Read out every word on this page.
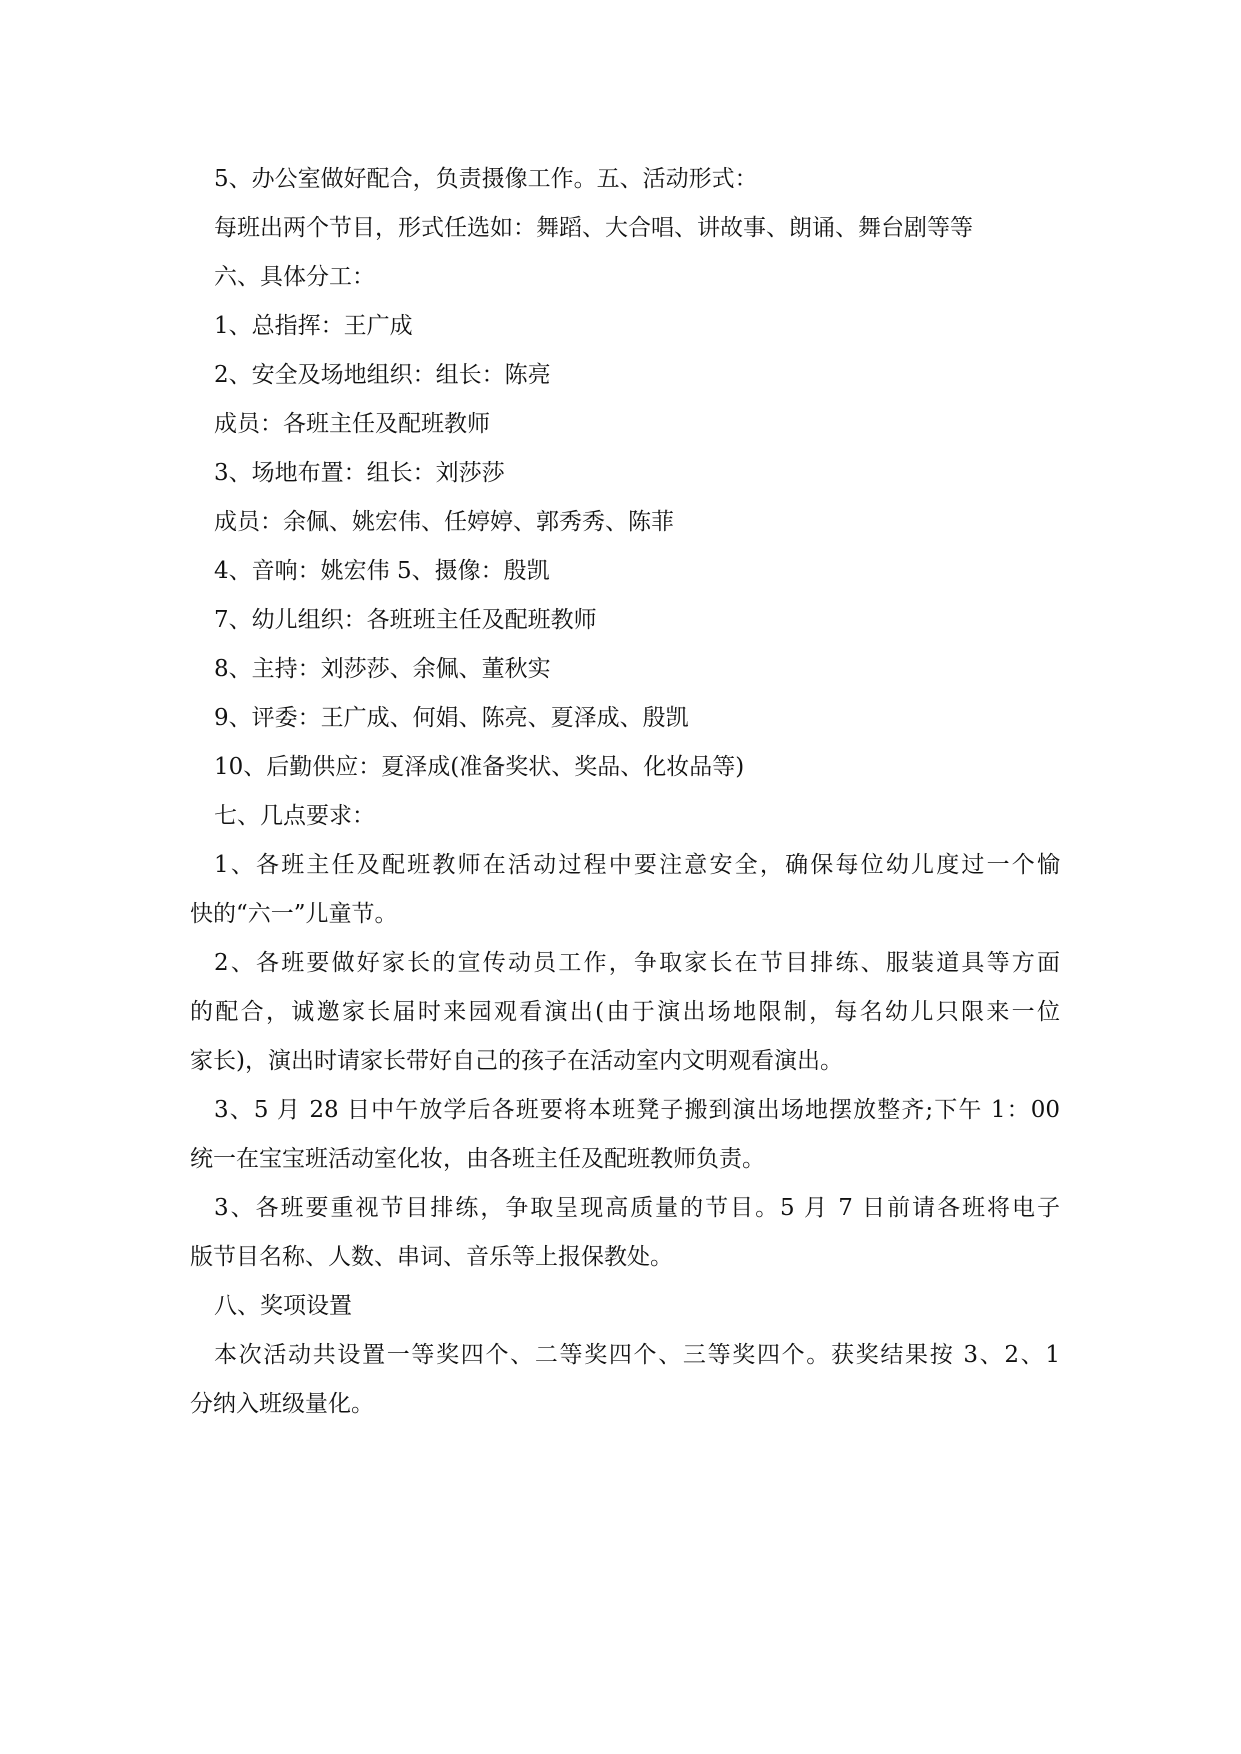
5、办公室做好配合，负责摄像工作。五、活动形式：
每班出两个节目，形式任选如：舞蹈、大合唱、讲故事、朗诵、舞台剧等等
六、具体分工：
1、总指挥：王广成
2、安全及场地组织：组长：陈亮
成员：各班主任及配班教师
3、场地布置：组长：刘莎莎
成员：余佩、姚宏伟、任婷婷、郭秀秀、陈菲
4、音响：姚宏伟 5、摄像：殷凯
7、幼儿组织：各班班主任及配班教师
8、主持：刘莎莎、余佩、董秋实
9、评委：王广成、何娟、陈亮、夏泽成、殷凯
10、后勤供应：夏泽成(准备奖状、奖品、化妆品等)
七、几点要求：
1、各班主任及配班教师在活动过程中要注意安全，确保每位幼儿度过一个愉
快的“六一”儿童节。
2、各班要做好家长的宣传动员工作，争取家长在节目排练、服装道具等方面
的配合，诚邀家长届时来园观看演出(由于演出场地限制，每名幼儿只限来一位
家长)，演出时请家长带好自己的孩子在活动室内文明观看演出。
3、5 月 28 日中午放学后各班要将本班凳子搬到演出场地摆放整齐;下午 1：00
统一在宝宝班活动室化妆，由各班主任及配班教师负责。
3、各班要重视节目排练，争取呈现高质量的节目。5 月 7 日前请各班将电子
版节目名称、人数、串词、音乐等上报保教处。
八、奖项设置
本次活动共设置一等奖四个、二等奖四个、三等奖四个。获奖结果按 3、2、1
分纳入班级量化。
